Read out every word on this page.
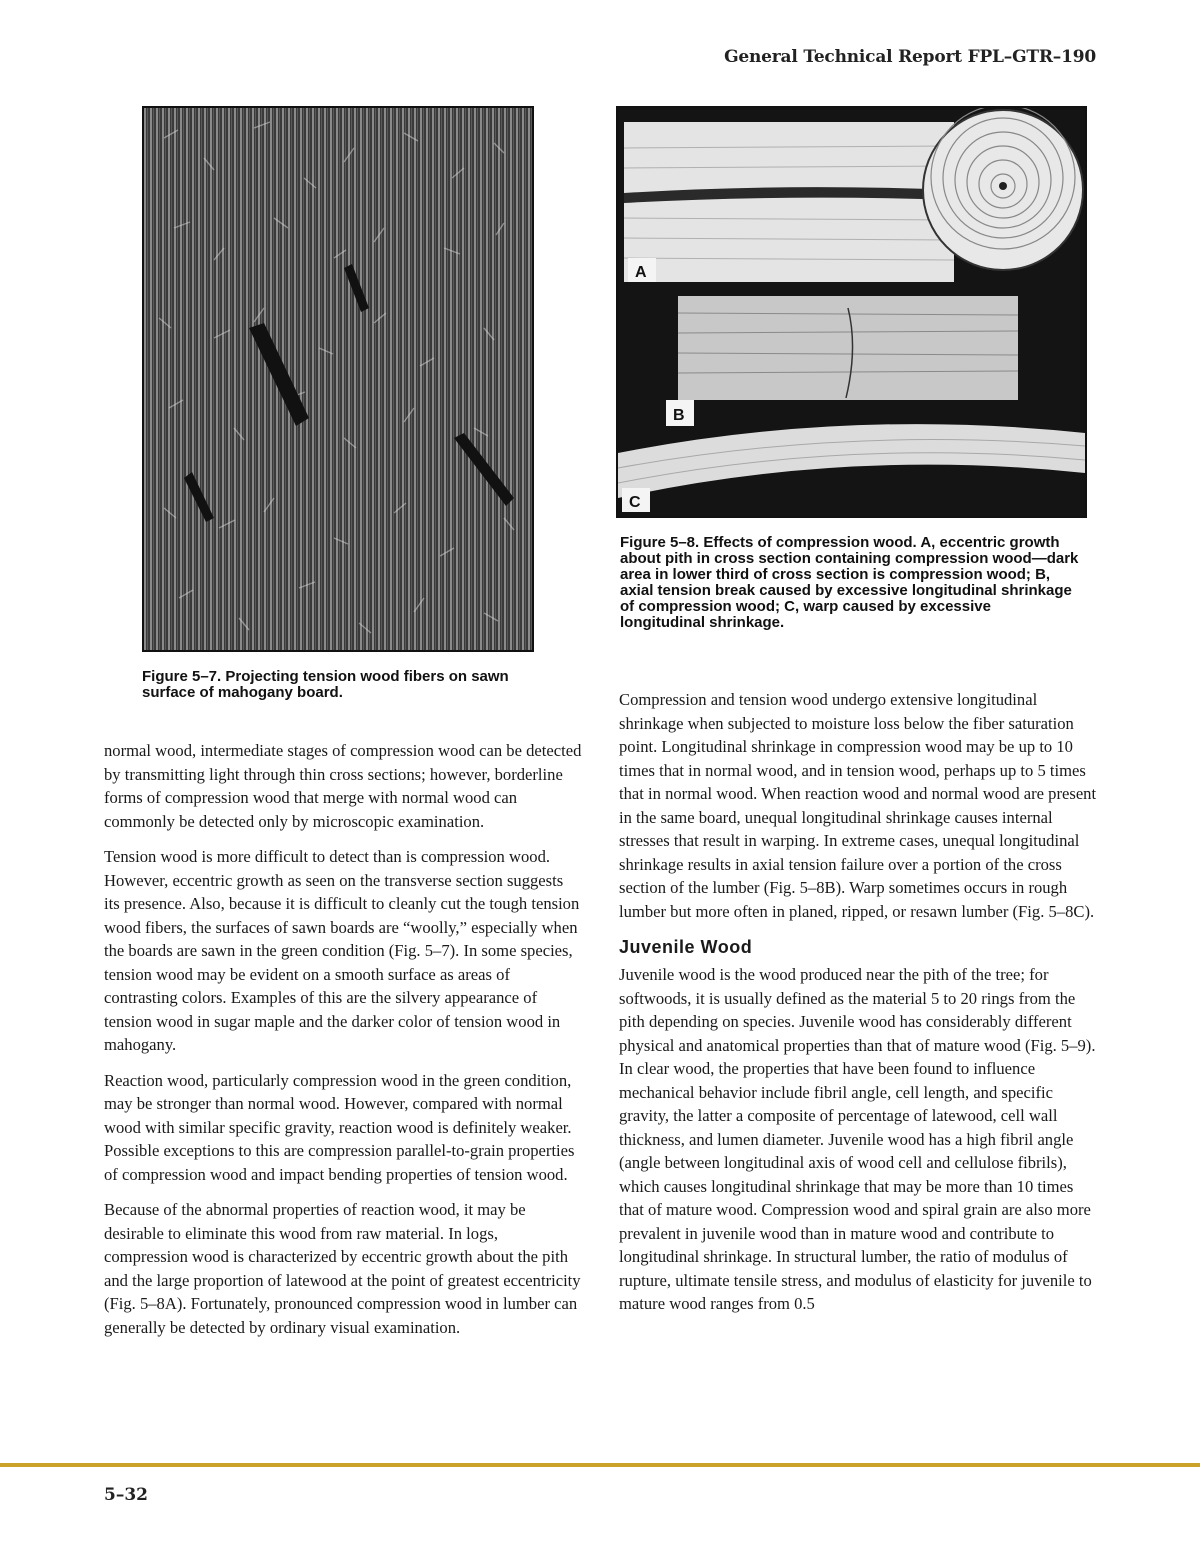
General Technical Report FPL–GTR–190
A
B
C
Figure 5–8. Effects of compression wood. A, eccentric growth about pith in cross section containing compression wood—dark area in lower third of cross section is compression wood; B, axial tension break caused by excessive longitudinal shrinkage of compression wood; C, warp caused by excessive longitudinal shrinkage.
Figure 5–7. Projecting tension wood fibers on sawn surface of mahogany board.

normal wood, intermediate stages of compression wood can be detected by transmitting light through thin cross sections; however, borderline forms of compression wood that merge with normal wood can commonly be detected only by microscopic examination.

Tension wood is more difficult to detect than is compression wood. However, eccentric growth as seen on the transverse section suggests its presence. Also, because it is difficult to cleanly cut the tough tension wood fibers, the surfaces of sawn boards are “woolly,” especially when the boards are sawn in the green condition (Fig. 5–7). In some species, tension wood may be evident on a smooth surface as areas of contrasting colors. Examples of this are the silvery appearance of tension wood in sugar maple and the darker color of tension wood in mahogany.

Reaction wood, particularly compression wood in the green condition, may be stronger than normal wood. However, compared with normal wood with similar specific gravity, reaction wood is definitely weaker. Possible exceptions to this are compression parallel-to-grain properties of compression wood and impact bending properties of tension wood.

Because of the abnormal properties of reaction wood, it may be desirable to eliminate this wood from raw material. In logs, compression wood is characterized by eccentric growth about the pith and the large proportion of latewood at the point of greatest eccentricity (Fig. 5–8A). Fortunately, pronounced compression wood in lumber can generally be detected by ordinary visual examination.

Compression and tension wood undergo extensive longitudinal shrinkage when subjected to moisture loss below the fiber saturation point. Longitudinal shrinkage in compression wood may be up to 10 times that in normal wood, and in tension wood, perhaps up to 5 times that in normal wood. When reaction wood and normal wood are present in the same board, unequal longitudinal shrinkage causes internal stresses that result in warping. In extreme cases, unequal longitudinal shrinkage results in axial tension failure over a portion of the cross section of the lumber (Fig. 5–8B). Warp sometimes occurs in rough lumber but more often in planed, ripped, or resawn lumber (Fig. 5–8C).

Juvenile Wood

Juvenile wood is the wood produced near the pith of the tree; for softwoods, it is usually defined as the material 5 to 20 rings from the pith depending on species. Juvenile wood has considerably different physical and anatomical properties than that of mature wood (Fig. 5–9). In clear wood, the properties that have been found to influence mechanical behavior include fibril angle, cell length, and specific gravity, the latter a composite of percentage of latewood, cell wall thickness, and lumen diameter. Juvenile wood has a high fibril angle (angle between longitudinal axis of wood cell and cellulose fibrils), which causes longitudinal shrinkage that may be more than 10 times that of mature wood. Compression wood and spiral grain are also more prevalent in juvenile wood than in mature wood and contribute to longitudinal shrinkage. In structural lumber, the ratio of modulus of rupture, ultimate tensile stress, and modulus of elasticity for juvenile to mature wood ranges from 0.5

5–32
